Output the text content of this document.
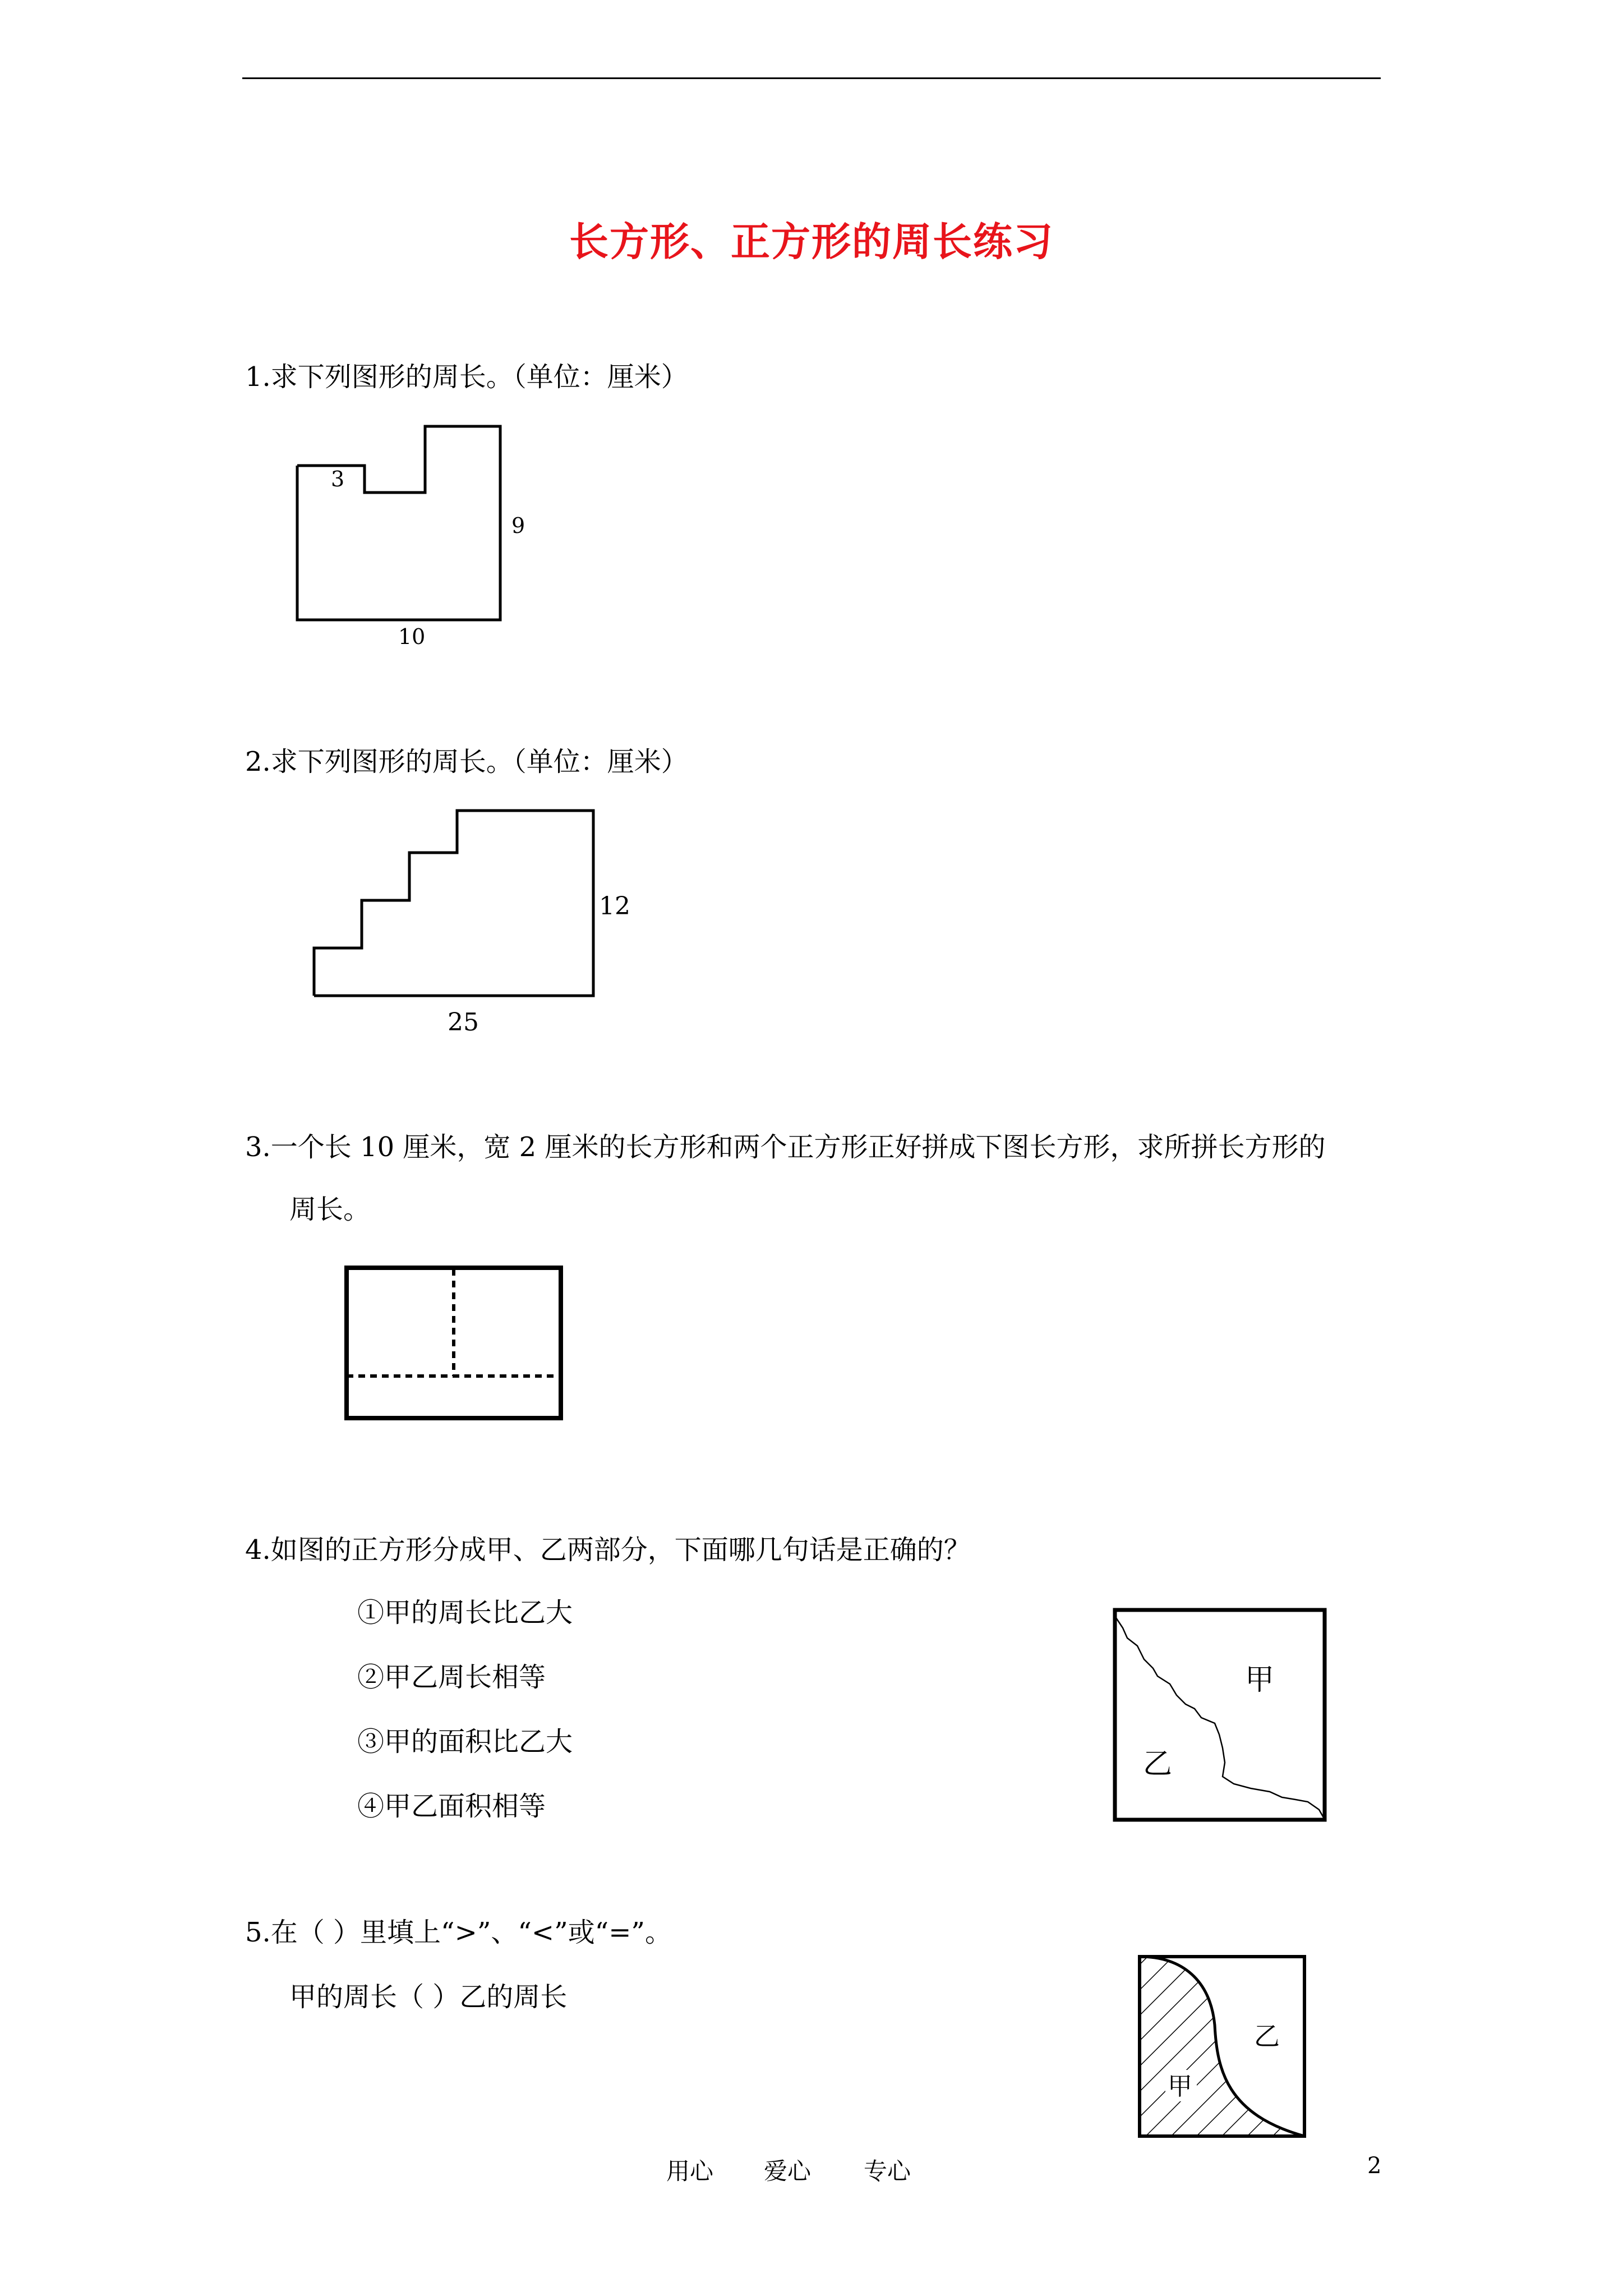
长方形、正方形的周长练习
1.求下列图形的周长。（单位：厘米）
3
9
10
2.求下列图形的周长。（单位：厘米）
12
25
3.一个长 10 厘米，宽 2 厘米的长方形和两个正方形正好拼成下图长方形，求所拼长方形的
周长。
4.如图的正方形分成甲、乙两部分，下面哪几句话是正确的？
①甲的周长比乙大
②甲乙周长相等
③甲的面积比乙大
④甲乙面积相等
甲
乙
5.在（ ）里填上“>”、“<”或“=”。
甲的周长（ ）乙的周长
甲
乙
用心 爱心 专心	2
